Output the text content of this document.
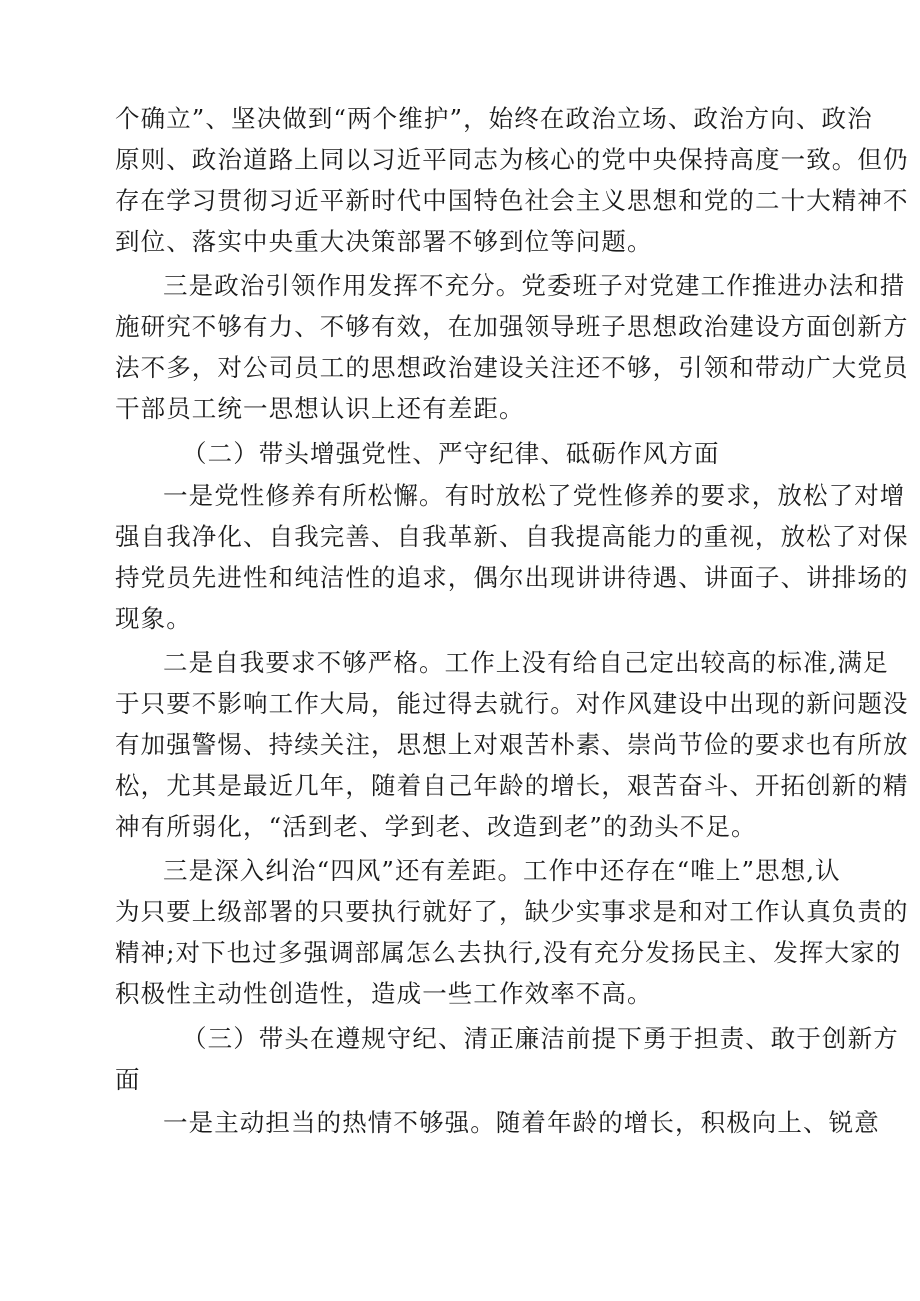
个确立”、坚决做到“两个维护”，始终在政治立场、政治方向、政治
原则、政治道路上同以习近平同志为核心的党中央保持高度一致。但仍
存在学习贯彻习近平新时代中国特色社会主义思想和党的二十大精神不
到位、落实中央重大决策部署不够到位等问题。
三是政治引领作用发挥不充分。党委班子对党建工作推进办法和措
施研究不够有力、不够有效，在加强领导班子思想政治建设方面创新方
法不多，对公司员工的思想政治建设关注还不够，引领和带动广大党员
干部员工统一思想认识上还有差距。
（二）带头增强党性、严守纪律、砥砺作风方面
一是党性修养有所松懈。有时放松了党性修养的要求，放松了对增
强自我净化、自我完善、自我革新、自我提高能力的重视，放松了对保
持党员先进性和纯洁性的追求，偶尔出现讲讲待遇、讲面子、讲排场的
现象。
二是自我要求不够严格。工作上没有给自己定出较高的标准,满足
于只要不影响工作大局，能过得去就行。对作风建设中出现的新问题没
有加强警惕、持续关注，思想上对艰苦朴素、崇尚节俭的要求也有所放
松，尤其是最近几年，随着自己年龄的增长，艰苦奋斗、开拓创新的精
神有所弱化，“活到老、学到老、改造到老”的劲头不足。
三是深入纠治“四风”还有差距。工作中还存在“唯上”思想,认
为只要上级部署的只要执行就好了，缺少实事求是和对工作认真负责的
精神;对下也过多强调部属怎么去执行,没有充分发扬民主、发挥大家的
积极性主动性创造性，造成一些工作效率不高。
（三）带头在遵规守纪、清正廉洁前提下勇于担责、敢于创新方
面
一是主动担当的热情不够强。随着年龄的增长，积极向上、锐意
